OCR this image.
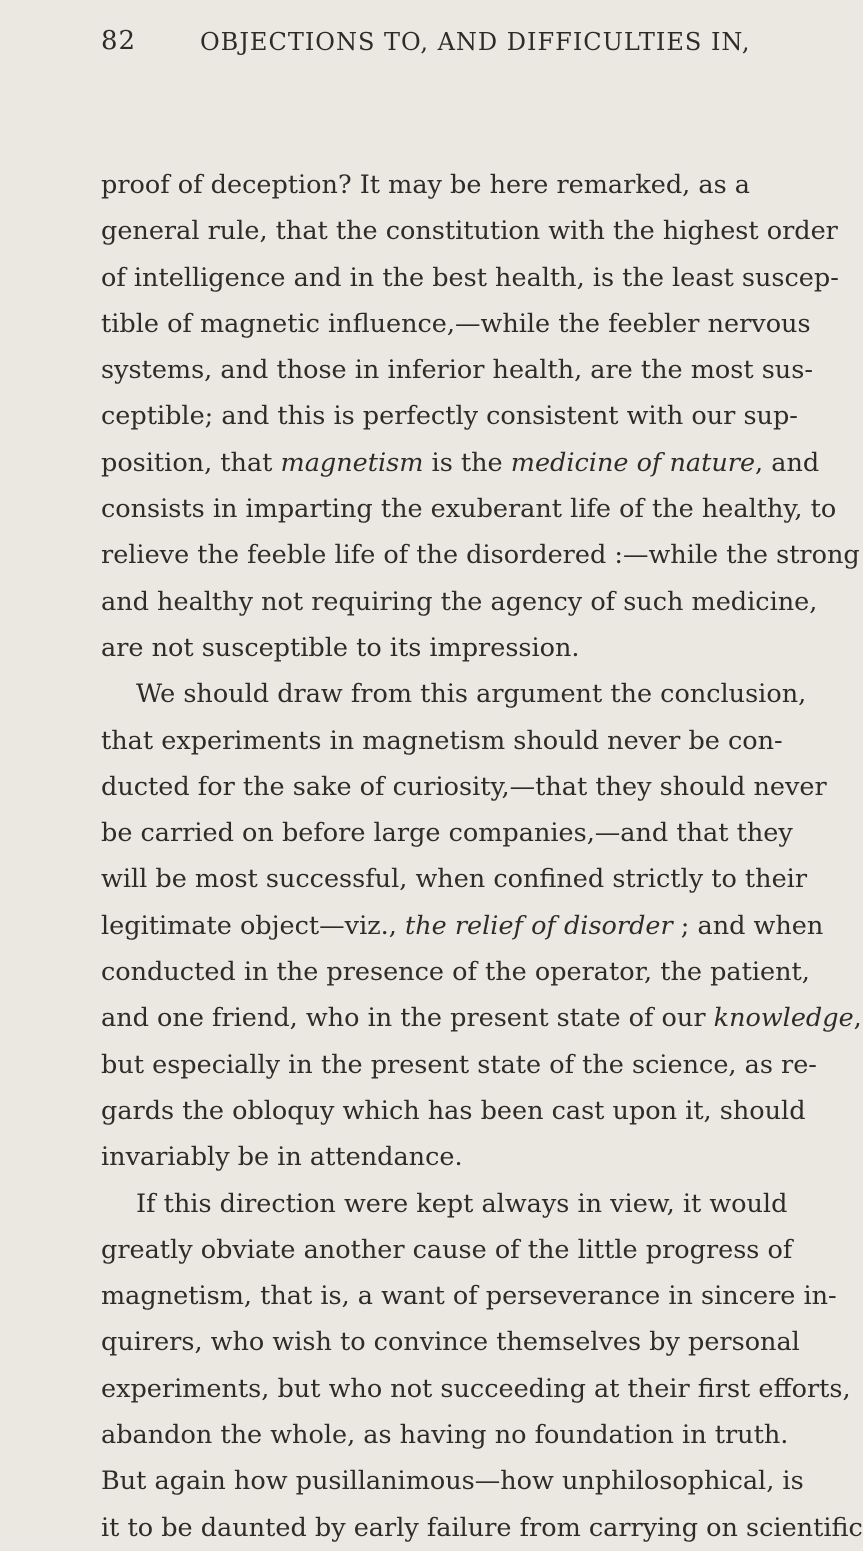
82	OBJECTIONS TO, AND DIFFICULTIES IN,
proof of deception? It may be here remarked, as a
general rule, that the constitution with the highest order
of intelligence and in the best health, is the least suscep-
tible of magnetic influence,—while the feebler nervous
systems, and those in inferior health, are the most sus-
ceptible; and this is perfectly consistent with our sup-
position, that magnetism is the medicine of nature, and
consists in imparting the exuberant life of the healthy, to
relieve the feeble life of the disordered :—while the strong
and healthy not requiring the agency of such medicine,
are not susceptible to its impression.
We should draw from this argument the conclusion,
that experiments in magnetism should never be con-
ducted for the sake of curiosity,—that they should never
be carried on before large companies,—and that they
will be most successful, when confined strictly to their
legitimate object—viz., the relief of disorder ; and when
conducted in the presence of the operator, the patient,
and one friend, who in the present state of our knowledge,
but especially in the present state of the science, as re-
gards the obloquy which has been cast upon it, should
invariably be in attendance.
If this direction were kept always in view, it would
greatly obviate another cause of the little progress of
magnetism, that is, a want of perseverance in sincere in-
quirers, who wish to convince themselves by personal
experiments, but who not succeeding at their first efforts,
abandon the whole, as having no foundation in truth.
But again how pusillanimous—how unphilosophical, is
it to be daunted by early failure from carrying on scientific
